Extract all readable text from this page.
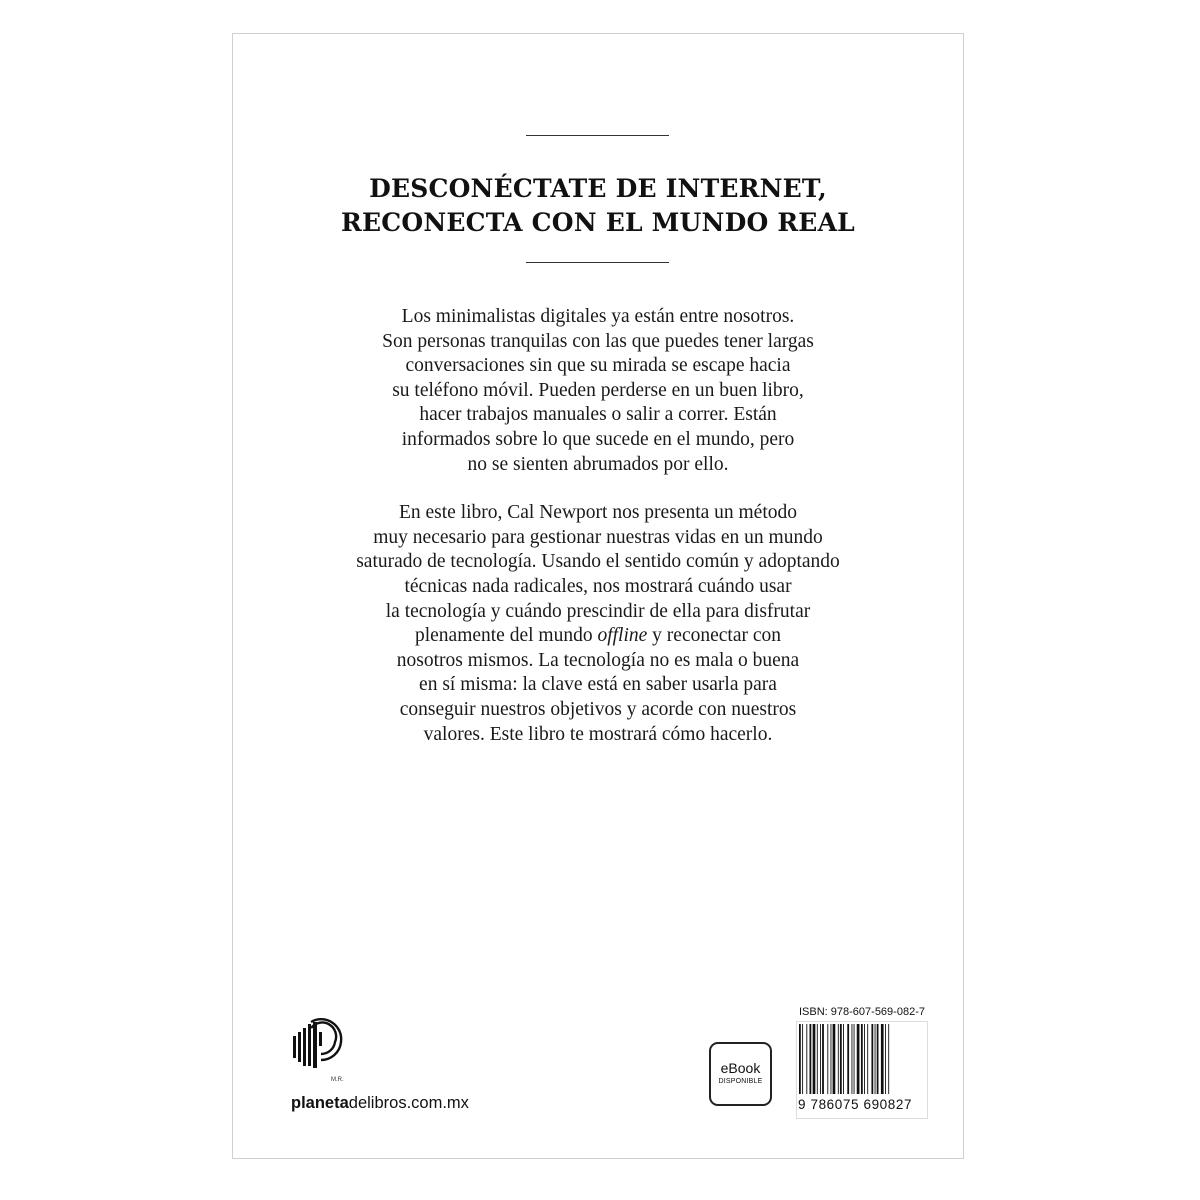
DESCONÉCTATE DE INTERNET,
RECONECTA CON EL MUNDO REAL
Los minimalistas digitales ya están entre nosotros.
Son personas tranquilas con las que puedes tener largas
conversaciones sin que su mirada se escape hacia
su teléfono móvil. Pueden perderse en un buen libro,
hacer trabajos manuales o salir a correr. Están
informados sobre lo que sucede en el mundo, pero
no se sienten abrumados por ello.
En este libro, Cal Newport nos presenta un método
muy necesario para gestionar nuestras vidas en un mundo
saturado de tecnología. Usando el sentido común y adoptando
técnicas nada radicales, nos mostrará cuándo usar
la tecnología y cuándo prescindir de ella para disfrutar
plenamente del mundo offline y reconectar con
nosotros mismos. La tecnología no es mala o buena
en sí misma: la clave está en saber usarla para
conseguir nuestros objetivos y acorde con nuestros
valores. Este libro te mostrará cómo hacerlo.
M.R.
planetadelibros.com.mx
eBook
DISPONIBLE
ISBN: 978-607-569-082-7
9 786075 690827
